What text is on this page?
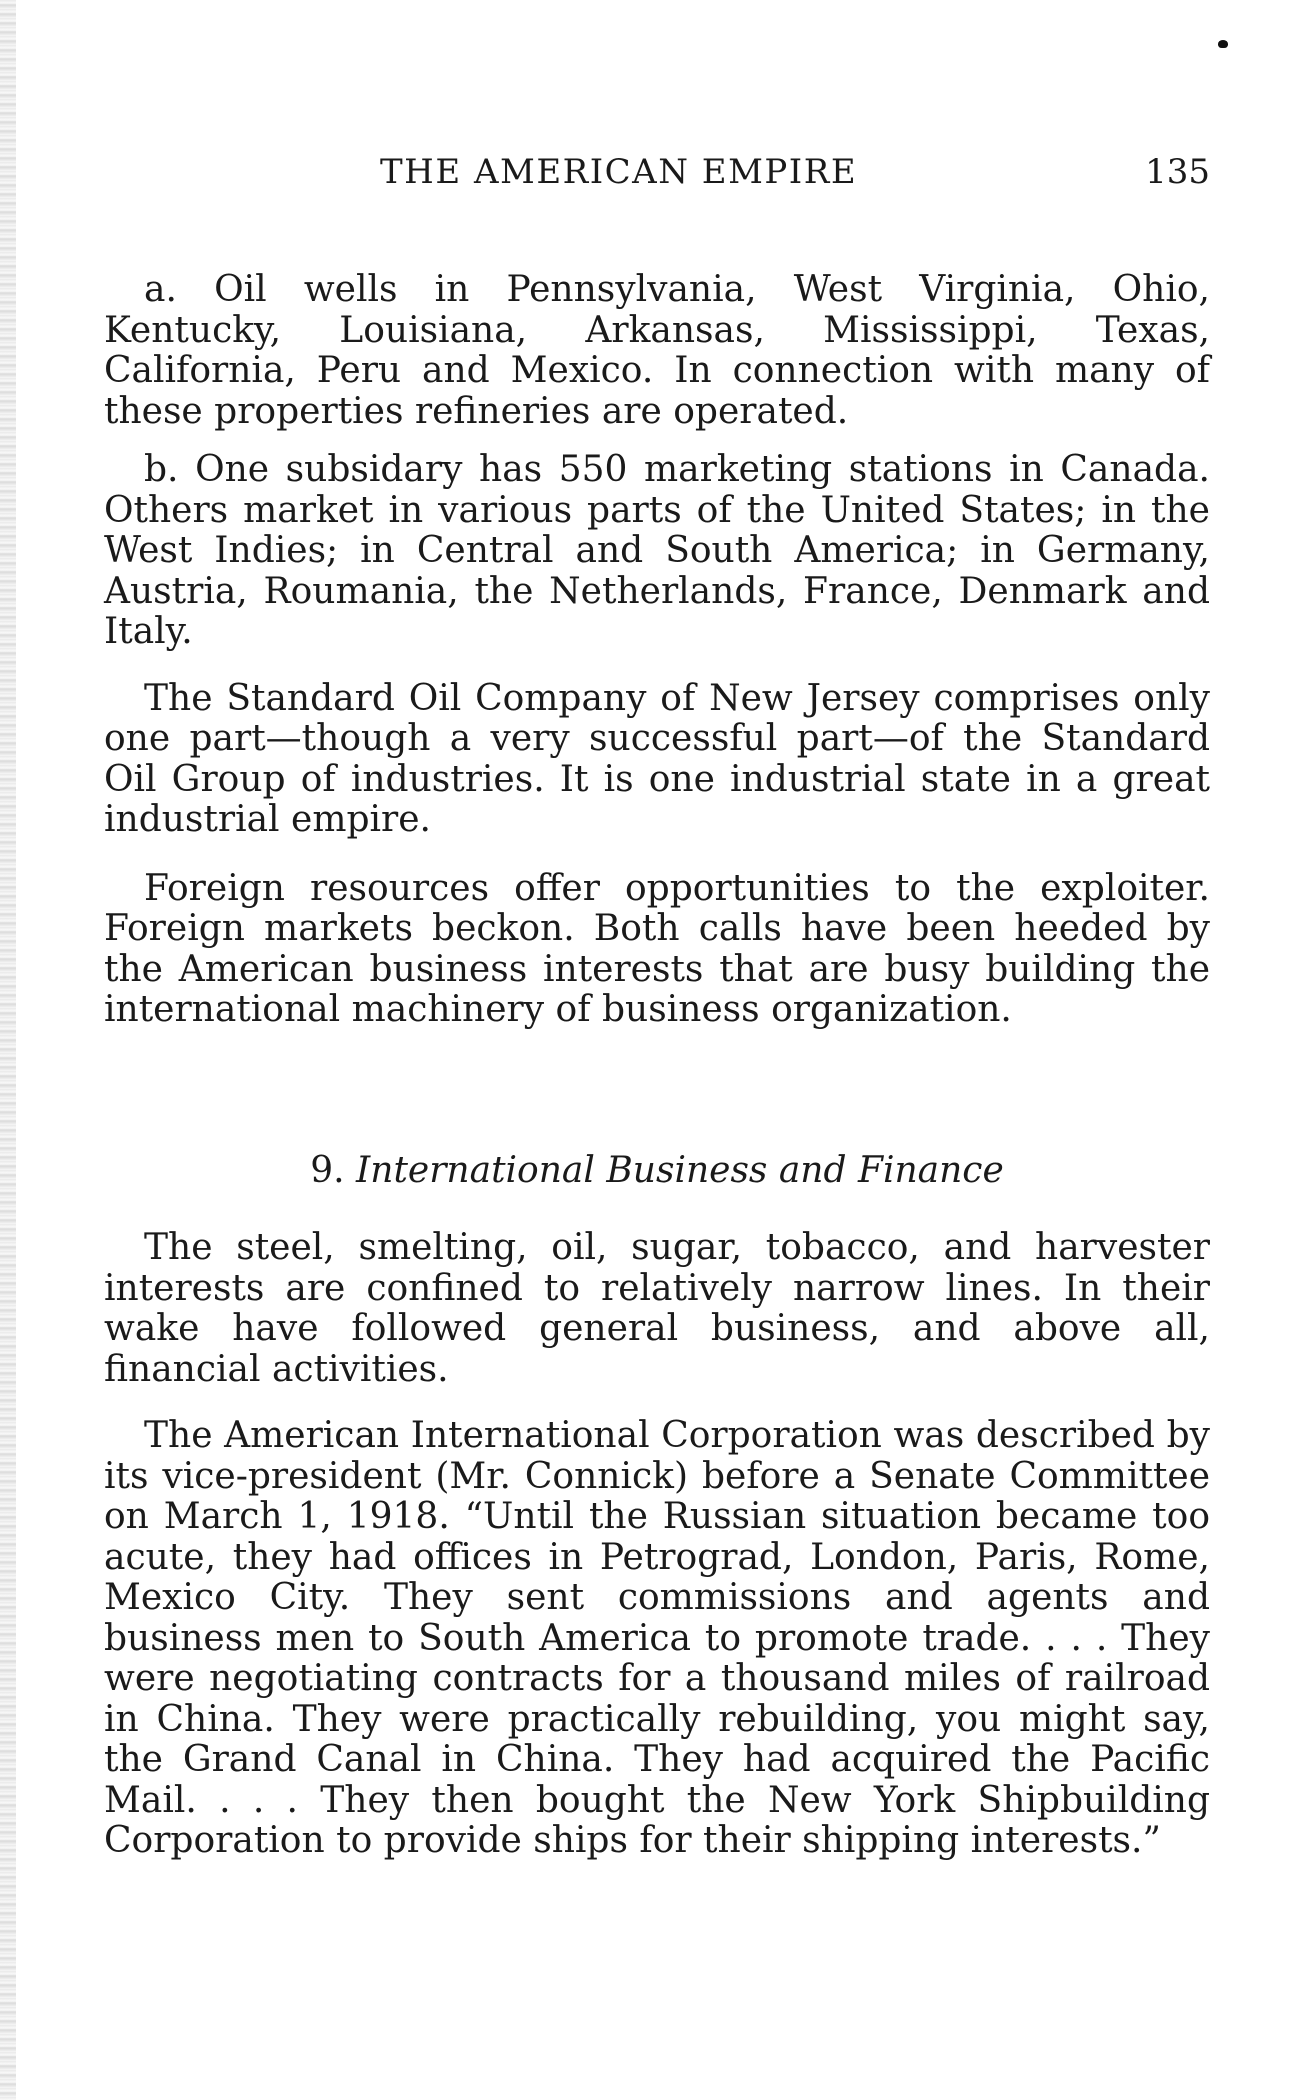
THE AMERICAN EMPIRE	135

a. Oil wells in Pennsylvania, West Virginia, Ohio, Kentucky, Louisiana, Arkansas, Mississippi, Texas, California, Peru and Mexico. In connection with many of these properties refineries are operated.

b. One subsidary has 550 marketing stations in Canada. Others market in various parts of the United States; in the West Indies; in Central and South America; in Germany, Austria, Roumania, the Netherlands, France, Denmark and Italy.

The Standard Oil Company of New Jersey comprises only one part—though a very successful part—of the Standard Oil Group of industries. It is one industrial state in a great industrial empire.

Foreign resources offer opportunities to the exploiter. Foreign markets beckon. Both calls have been heeded by the American business interests that are busy building the international machinery of business organization.

9. International Business and Finance

The steel, smelting, oil, sugar, tobacco, and harvester interests are confined to relatively narrow lines. In their wake have followed general business, and above all, financial activities.

The American International Corporation was described by its vice-president (Mr. Connick) before a Senate Committee on March 1, 1918. “Until the Russian situation became too acute, they had offices in Petrograd, London, Paris, Rome, Mexico City. They sent commissions and agents and business men to South America to promote trade. . . . They were negotiating contracts for a thousand miles of railroad in China. They were practically rebuilding, you might say, the Grand Canal in China. They had acquired the Pacific Mail. . . . They then bought the New York Shipbuilding Corporation to provide ships for their shipping interests.”
